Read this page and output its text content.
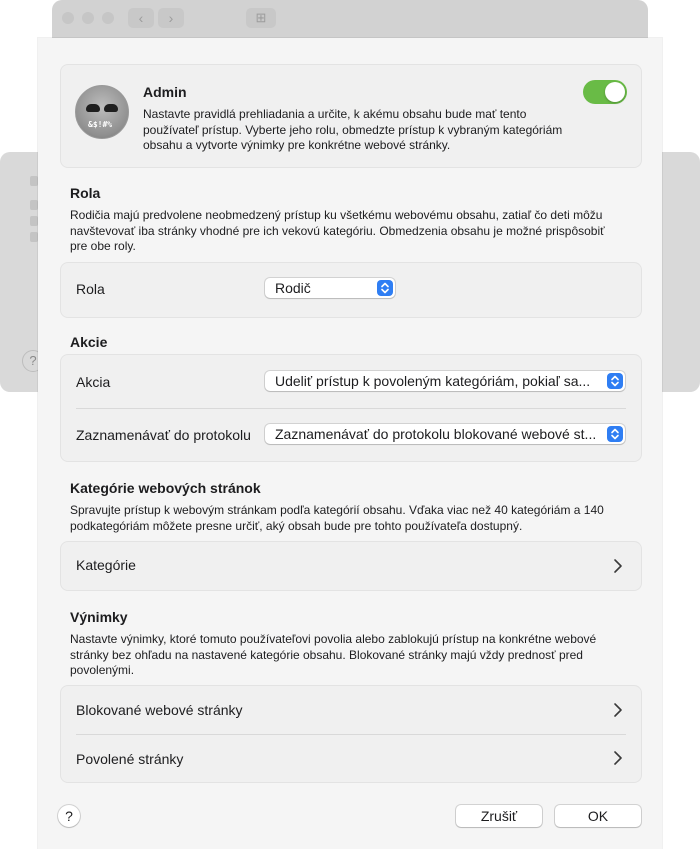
?
‹	›	⊞
&$!#%
Admin
Nastavte pravidlá prehliadania a určite, k akému obsahu bude mať tento používateľ prístup. Vyberte jeho rolu, obmedzte prístup k vybraným kategóriám obsahu a vytvorte výnimky pre konkrétne webové stránky.
Rola
Rodičia majú predvolene neobmedzený prístup ku všetkému webovému obsahu, zatiaľ čo deti môžu navštevovať iba stránky vhodné pre ich vekovú kategóriu. Obmedzenia obsahu je možné prispôsobiť pre obe roly.
Rola	Rodič
Akcie
Akcia	Udeliť prístup k povoleným kategóriám, pokiaľ sa...
Zaznamenávať do protokolu	Zaznamenávať do protokolu blokované webové st...
Kategórie webových stránok
Spravujte prístup k webovým stránkam podľa kategórií obsahu. Vďaka viac než 40 kategóriám a 140 podkategóriám môžete presne určiť, aký obsah bude pre tohto používateľa dostupný.
Kategórie
Výnimky
Nastavte výnimky, ktoré tomuto používateľovi povolia alebo zablokujú prístup na konkrétne webové stránky bez ohľadu na nastavené kategórie obsahu. Blokované stránky majú vždy prednosť pred povolenými.
Blokované webové stránky
Povolené stránky
?	Zrušiť	OK
